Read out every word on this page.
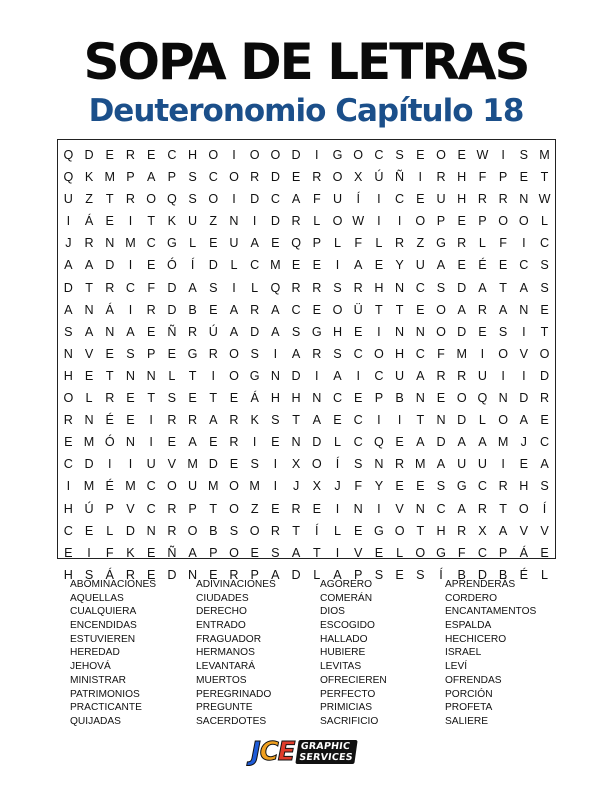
SOPA DE LETRAS
Deuteronomio Capítulo 18
Q D E R E C H O	I	O O D	I	G O C S E O E W	I	S M
Q K M P A P S C O R D E R O X Ú Ñ	I	R H F	P E	T
U Z	T R O Q S O	I	D C A	F U	Í	I	C E U H R R N W
I	Á E	I	T	K U Z N	I	D R	L O W	I	I	O P E P O O L
J	R N M C G L	E U A E Q P	L	F	L	R Z G R	L	F	I	C
A A D	I	E Ó	Í	D	L	C M E E	I	A E Y U A E É E C S
D T R C F D A S	I	L Q R R S R H N C S D A	T	A S
A N Á	I	R D B E A R A C E O Ü T	T	E O A R A N E
S A N A E Ñ R Ú A D A S G H E	I	N N O D E S	I	T
N V E S P E G R O S	I	A R S C O H C F M	I	O V O
H E	T N N	L	T	I	O G N D	I	A	I	C U A R R U	I	I	D
O L	R E	T	S E	T	E Á H H N C E P B N E O Q N D R
R N É E	I	R R A R K S	T	A E C	I	I	T N D	L O A E
E M Ó N	I	E A E R	I	E N D	L	C Q E A D A A M J	C
C D	I	I	U V M D E S	I	X O	Í	S N R M A U U	I	E A
I	M É M C O U M O M	I	J	X	J	F	Y E E S G C R H S
H Ú P V C R P	T O Z	E R E	I	N	I	V N C A R T O	Í
C E	L	D N R O B S O R T	Í	L	E G O T H R X A V V
E	I	F	K E Ñ A P O E S A	T	I	V E	L O G F C P Á E
H S Á R E D N E R P A D	L	A P S E S	Í	B D B É	L
ABOMINACIONES
AQUELLAS
CUALQUIERA
ENCENDIDAS
ESTUVIEREN
HEREDAD
JEHOVÁ
MINISTRAR
PATRIMONIOS
PRACTICANTE
QUIJADAS
ADIVINACIONES
CIUDADES
DERECHO
ENTRADO
FRAGUADOR
HERMANOS
LEVANTARÁ
MUERTOS
PEREGRINADO
PREGUNTE
SACERDOTES
AGORERO
COMERÁN
DIOS
ESCOGIDO
HALLADO
HUBIERE
LEVITAS
OFRECIEREN
PERFECTO
PRIMICIAS
SACRIFICIO
APRENDERÁS
CORDERO
ENCANTAMENTOS
ESPALDA
HECHICERO
ISRAEL
LEVÍ
OFRENDAS
PORCIÓN
PROFETA
SALIERE
JCE GRAPHIC
SERVICES
